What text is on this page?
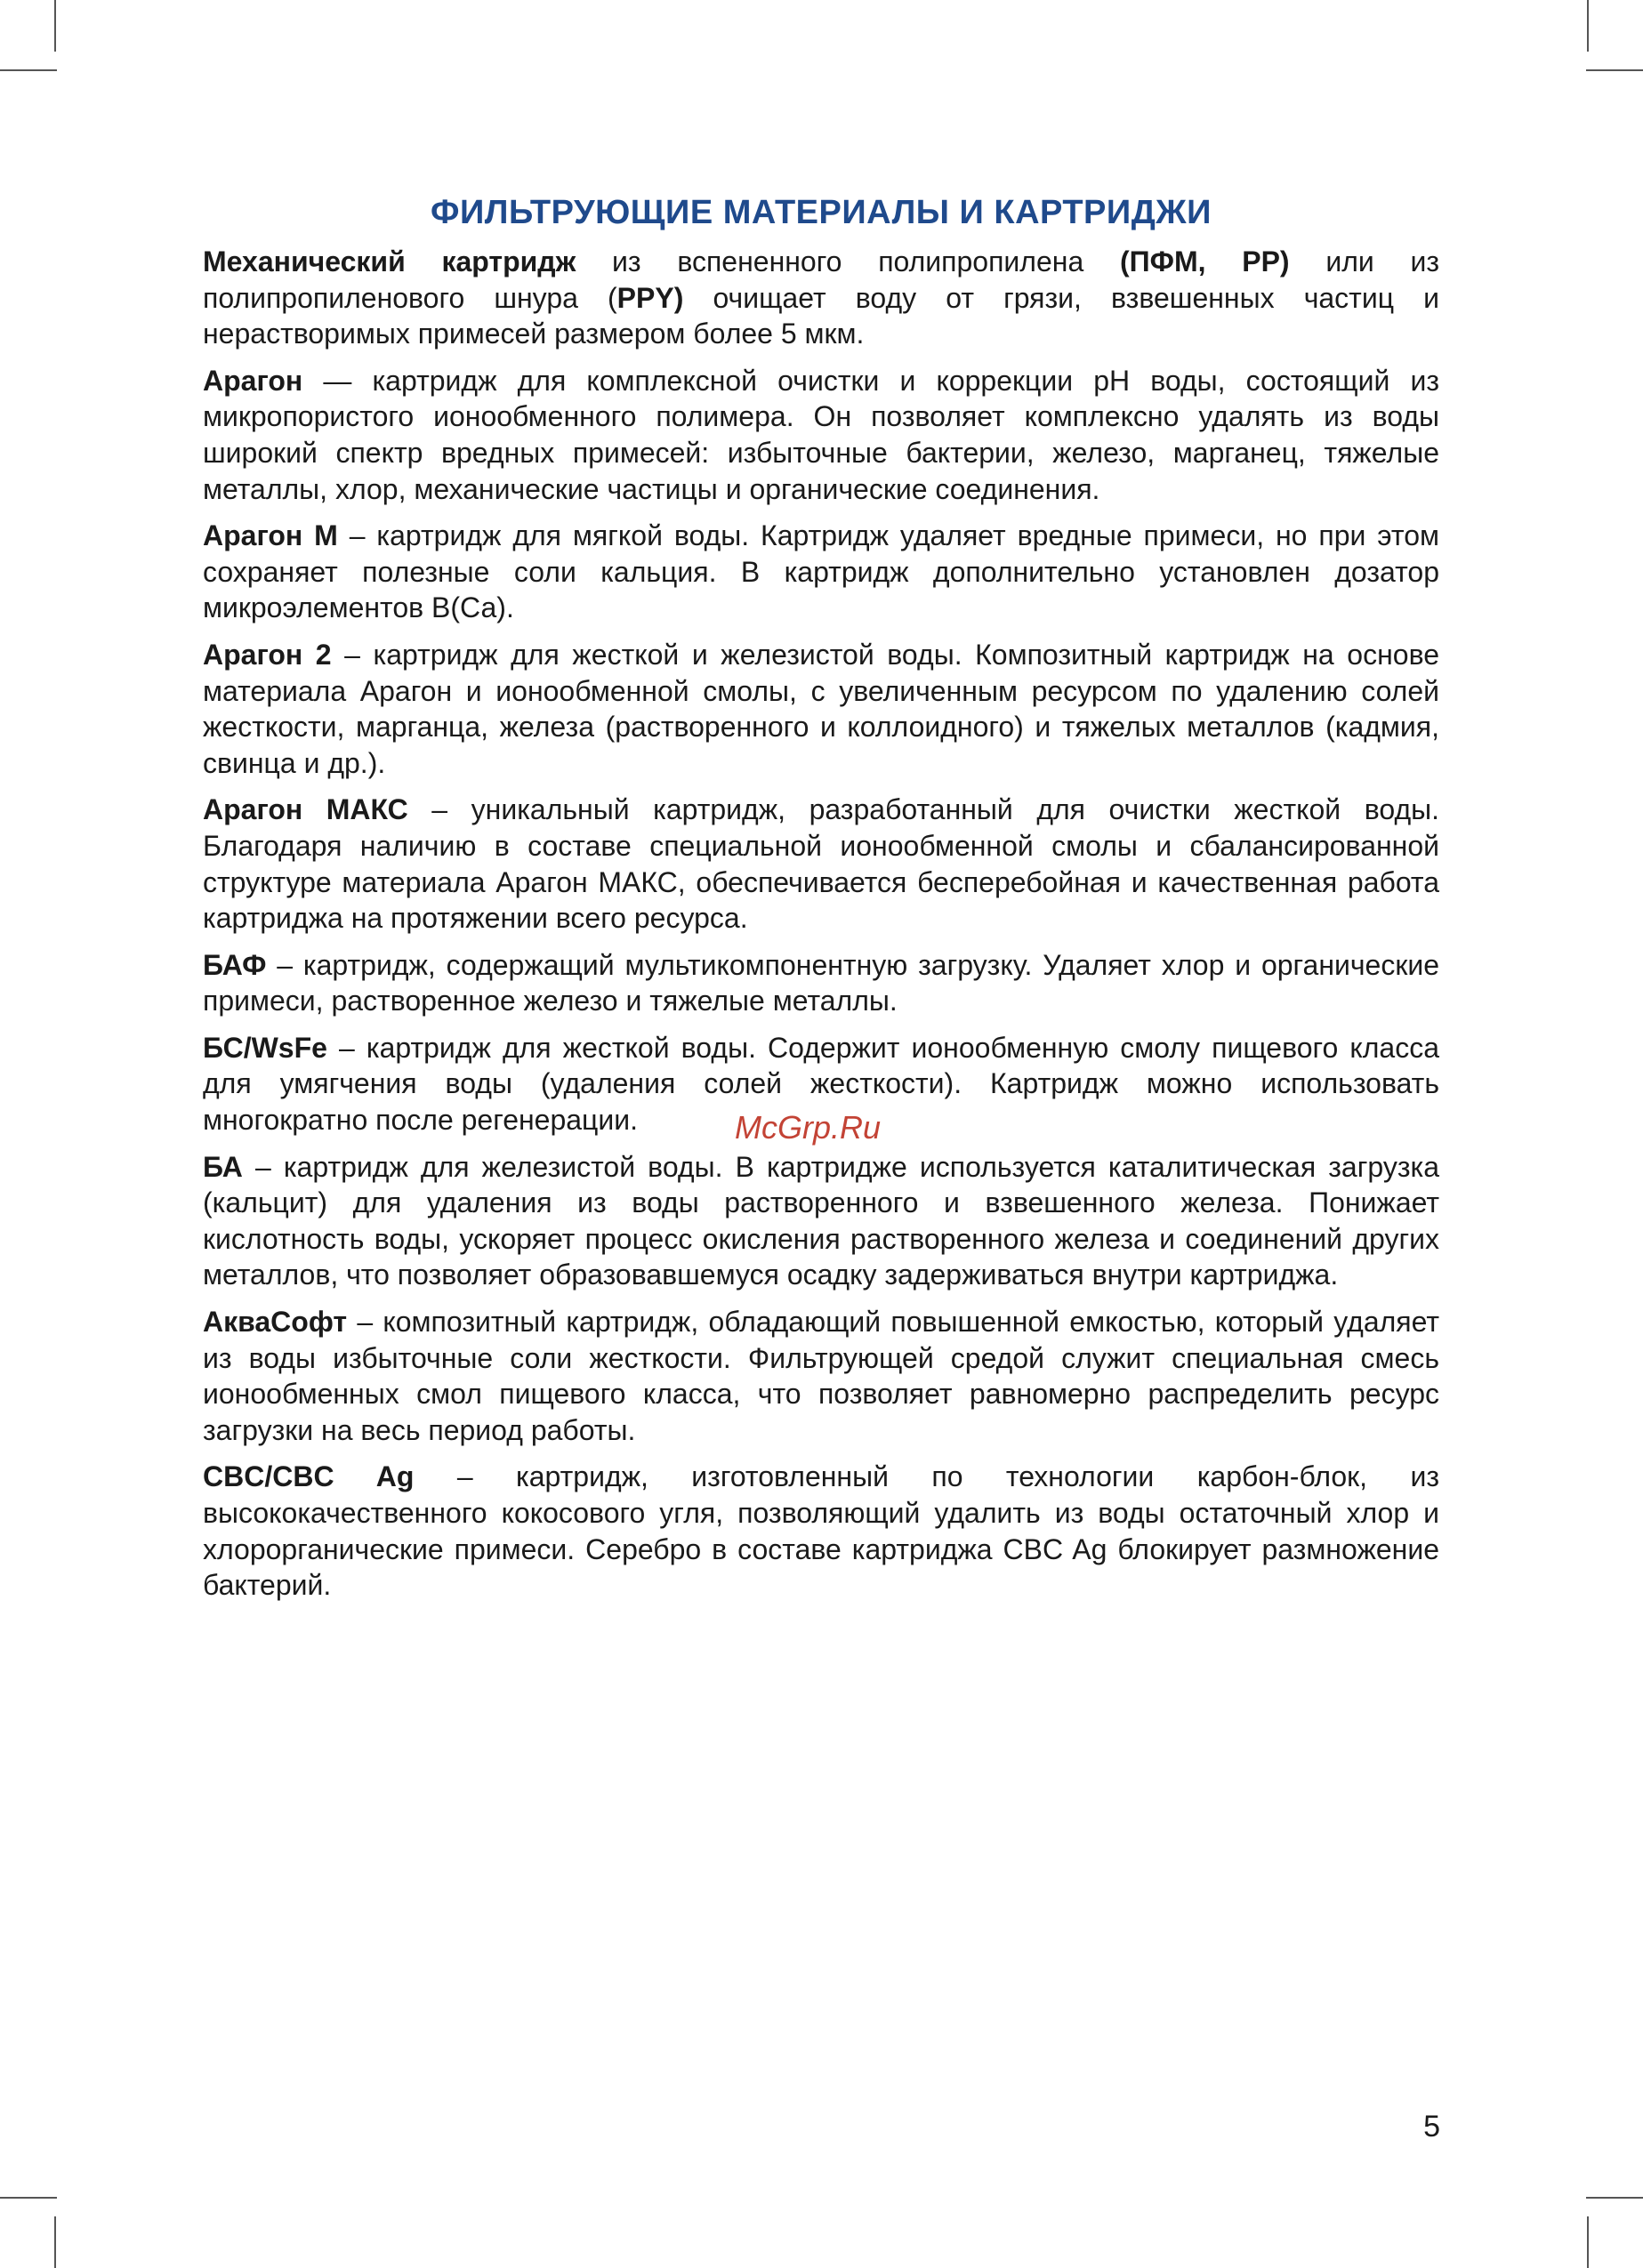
ФИЛЬТРУЮЩИЕ МАТЕРИАЛЫ И КАРТРИДЖИ

Механический картридж из вспененного полипропилена (ПФМ, PP) или из полипропиленового шнура (PPY) очищает воду от грязи, взвешенных частиц и нерастворимых примесей размером более 5 мкм.

Арагон — картридж для комплексной очистки и коррекции pH воды, состоящий из микропористого ионообменного полимера. Он позволяет комплексно удалять из воды широкий спектр вредных примесей: избыточные бактерии, железо, марганец, тяжелые металлы, хлор, механические частицы и органические соединения.

Арагон М – картридж для мягкой воды. Картридж удаляет вредные примеси, но при этом сохраняет полезные соли кальция. В картридж дополнительно установлен дозатор микроэлементов В(Са).

Арагон 2 – картридж для жесткой и железистой воды. Композитный картридж на основе материала Арагон и ионообменной смолы, с увеличенным ресурсом по удалению солей жесткости, марганца, железа (растворенного и коллоидного) и тяжелых металлов (кадмия, свинца и др.).

Арагон МАКС – уникальный картридж, разработанный для очистки жесткой воды. Благодаря наличию в составе специальной ионообменной смолы и сбалансированной структуре материала Арагон МАКС, обеспечивается бесперебойная и качественная работа картриджа на протяжении всего ресурса.

БАФ – картридж, содержащий мультикомпонентную загрузку. Удаляет хлор и органические примеси, растворенное железо и тяжелые металлы.

БС/WsFe – картридж для жесткой воды. Содержит ионообменную смолу пищевого класса для умягчения воды (удаления солей жесткости). Картридж можно использовать многократно после регенерации.

БА – картридж для железистой воды. В картридже используется каталитическая загрузка (кальцит) для удаления из воды растворенного и взвешенного железа. Понижает кислотность воды, ускоряет процесс окисления растворенного железа и соединений других металлов, что позволяет образовавшемуся осадку задерживаться внутри картриджа.

АкваСофт – композитный картридж, обладающий повышенной емкостью, который удаляет из воды избыточные соли жесткости. Фильтрующей средой служит специальная смесь ионообменных смол пищевого класса, что позволяет равномерно распределить ресурс загрузки на весь период работы.

CBC/CBC Ag – картридж, изготовленный по технологии карбон-блок, из высококачественного кокосового угля, позволяющий удалить из воды остаточный хлор и хлорорганические примеси. Серебро в составе картриджа CBC Ag блокирует размножение бактерий.

McGrp.Ru
5
